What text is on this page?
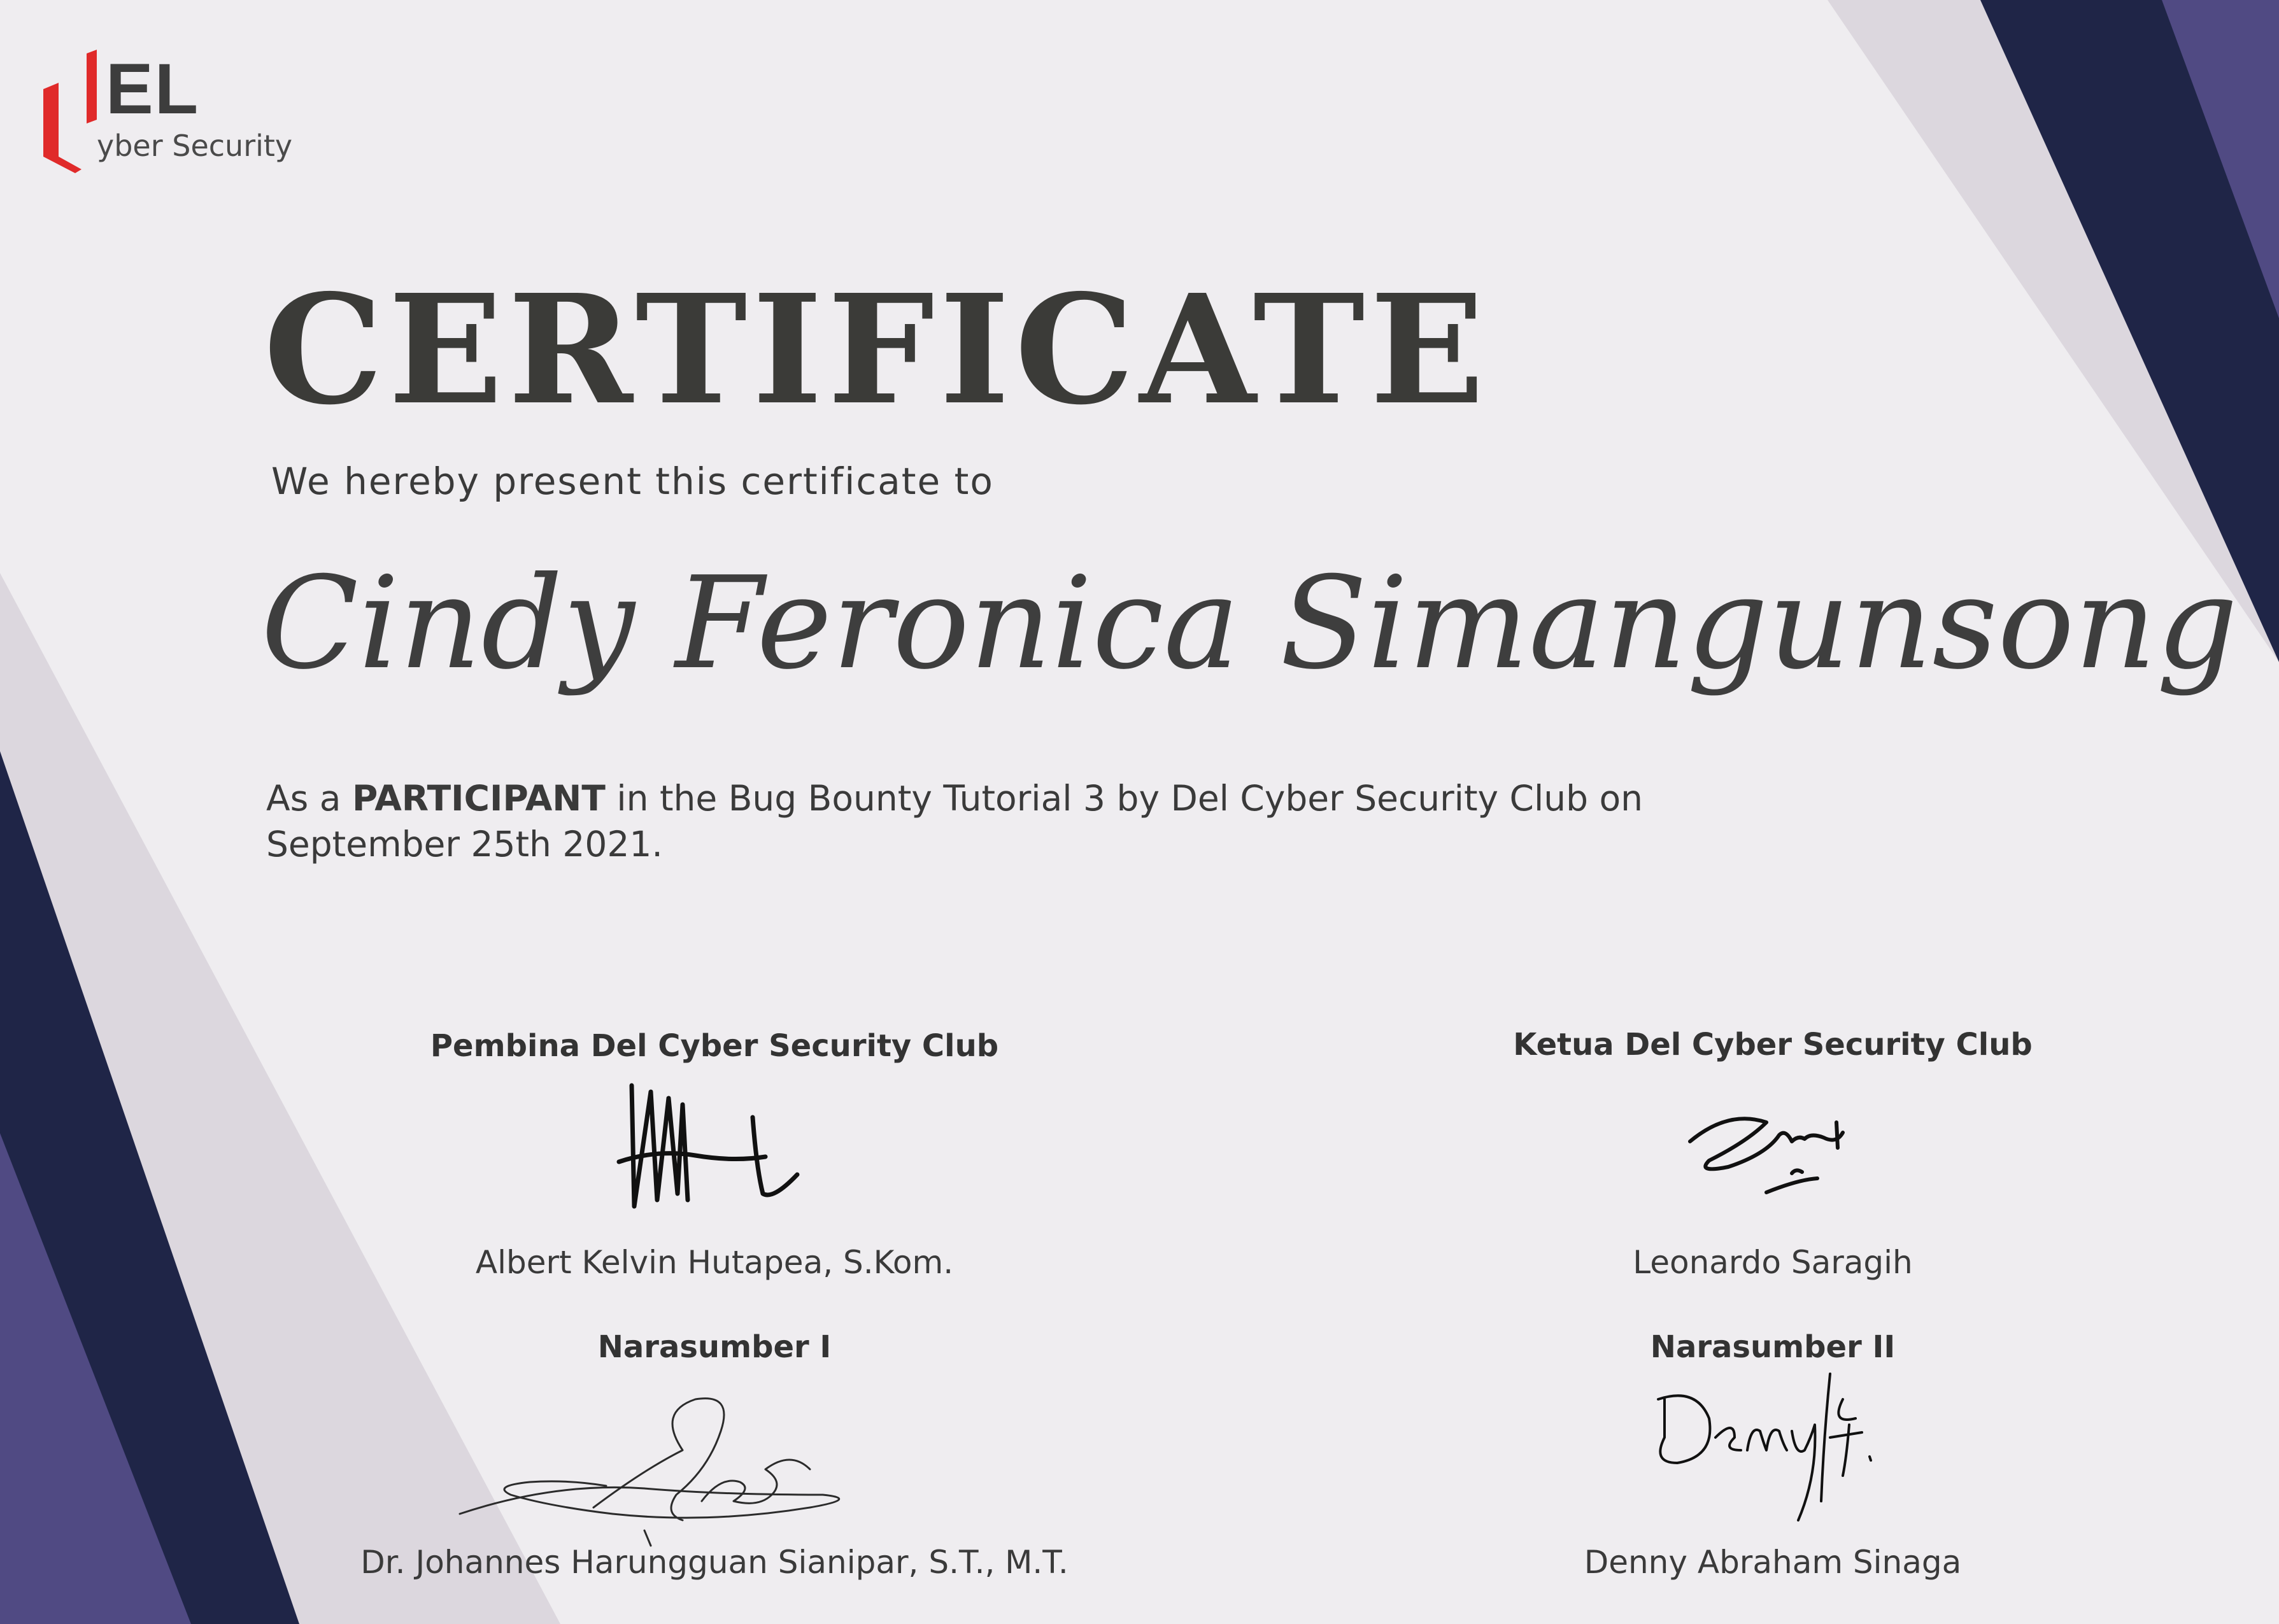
EL
yber Security
CERTIFICATE
We hereby present this certificate to
Cindy Feronica Simangunsong
As a PARTICIPANT in the Bug Bounty Tutorial 3 by Del Cyber Security Club on September 25th 2021.
Pembina Del Cyber Security Club
Albert Kelvin Hutapea, S.Kom.
Ketua Del Cyber Security Club
Leonardo Saragih
Narasumber I
Dr. Johannes Harungguan Sianipar, S.T., M.T.
Narasumber II
Denny Abraham Sinaga
